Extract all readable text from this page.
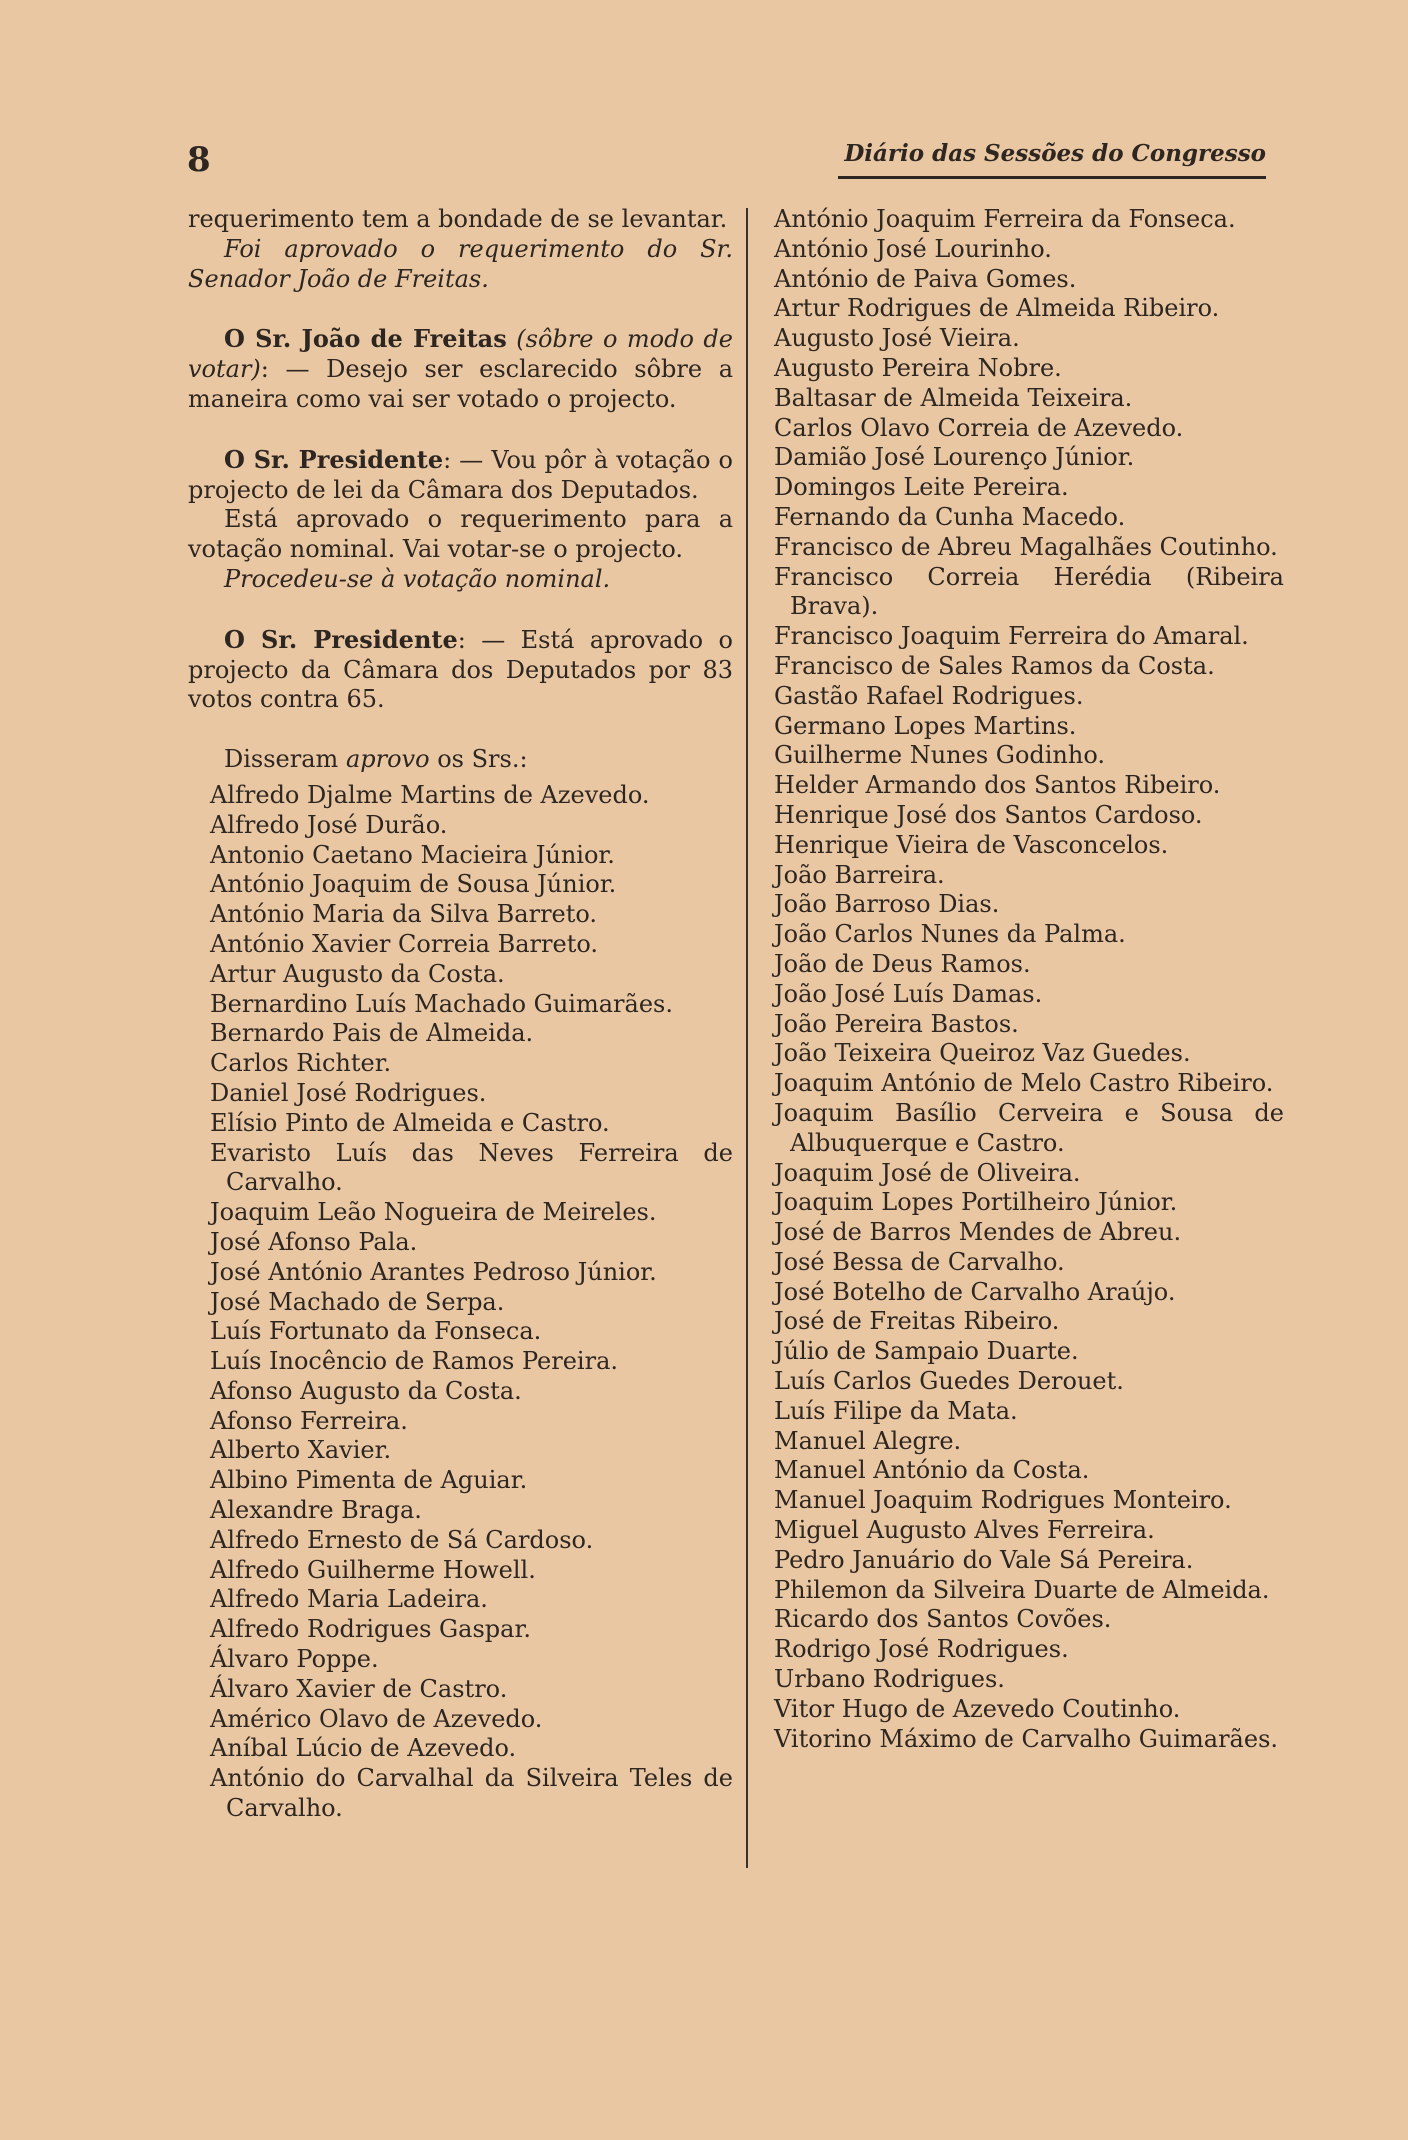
8	Diário das Sessões do Congresso

requerimento tem a bondade de se levantar.

Foi aprovado o requerimento do Sr. Senador João de Freitas.

O Sr. João de Freitas (sôbre o modo de votar): — Desejo ser esclarecido sôbre a maneira como vai ser votado o projecto.

O Sr. Presidente: — Vou pôr à votação o projecto de lei da Câmara dos Deputados.

Está aprovado o requerimento para a votação nominal. Vai votar-se o projecto.

Procedeu-se à votação nominal.

O Sr. Presidente: — Está aprovado o projecto da Câmara dos Deputados por 83 votos contra 65.

Disseram aprovo os Srs.:

Alfredo Djalme Martins de Azevedo.
Alfredo José Durão.
Antonio Caetano Macieira Júnior.
António Joaquim de Sousa Júnior.
António Maria da Silva Barreto.
António Xavier Correia Barreto.
Artur Augusto da Costa.
Bernardino Luís Machado Guimarães.
Bernardo Pais de Almeida.
Carlos Richter.
Daniel José Rodrigues.
Elísio Pinto de Almeida e Castro.
Evaristo Luís das Neves Ferreira de Carvalho.
Joaquim Leão Nogueira de Meireles.
José Afonso Pala.
José António Arantes Pedroso Júnior.
José Machado de Serpa.
Luís Fortunato da Fonseca.
Luís Inocêncio de Ramos Pereira.
Afonso Augusto da Costa.
Afonso Ferreira.
Alberto Xavier.
Albino Pimenta de Aguiar.
Alexandre Braga.
Alfredo Ernesto de Sá Cardoso.
Alfredo Guilherme Howell.
Alfredo Maria Ladeira.
Alfredo Rodrigues Gaspar.
Álvaro Poppe.
Álvaro Xavier de Castro.
Américo Olavo de Azevedo.
Aníbal Lúcio de Azevedo.
António do Carvalhal da Silveira Teles de Carvalho.
António Joaquim Ferreira da Fonseca.
António José Lourinho.
António de Paiva Gomes.
Artur Rodrigues de Almeida Ribeiro.
Augusto José Vieira.
Augusto Pereira Nobre.
Baltasar de Almeida Teixeira.
Carlos Olavo Correia de Azevedo.
Damião José Lourenço Júnior.
Domingos Leite Pereira.
Fernando da Cunha Macedo.
Francisco de Abreu Magalhães Coutinho.
Francisco Correia Herédia (Ribeira Brava).
Francisco Joaquim Ferreira do Amaral.
Francisco de Sales Ramos da Costa.
Gastão Rafael Rodrigues.
Germano Lopes Martins.
Guilherme Nunes Godinho.
Helder Armando dos Santos Ribeiro.
Henrique José dos Santos Cardoso.
Henrique Vieira de Vasconcelos.
João Barreira.
João Barroso Dias.
João Carlos Nunes da Palma.
João de Deus Ramos.
João José Luís Damas.
João Pereira Bastos.
João Teixeira Queiroz Vaz Guedes.
Joaquim António de Melo Castro Ribeiro.
Joaquim Basílio Cerveira e Sousa de Albuquerque e Castro.
Joaquim José de Oliveira.
Joaquim Lopes Portilheiro Júnior.
José de Barros Mendes de Abreu.
José Bessa de Carvalho.
José Botelho de Carvalho Araújo.
José de Freitas Ribeiro.
Júlio de Sampaio Duarte.
Luís Carlos Guedes Derouet.
Luís Filipe da Mata.
Manuel Alegre.
Manuel António da Costa.
Manuel Joaquim Rodrigues Monteiro.
Miguel Augusto Alves Ferreira.
Pedro Januário do Vale Sá Pereira.
Philemon da Silveira Duarte de Almeida.
Ricardo dos Santos Covões.
Rodrigo José Rodrigues.
Urbano Rodrigues.
Vitor Hugo de Azevedo Coutinho.
Vitorino Máximo de Carvalho Guimarães.
